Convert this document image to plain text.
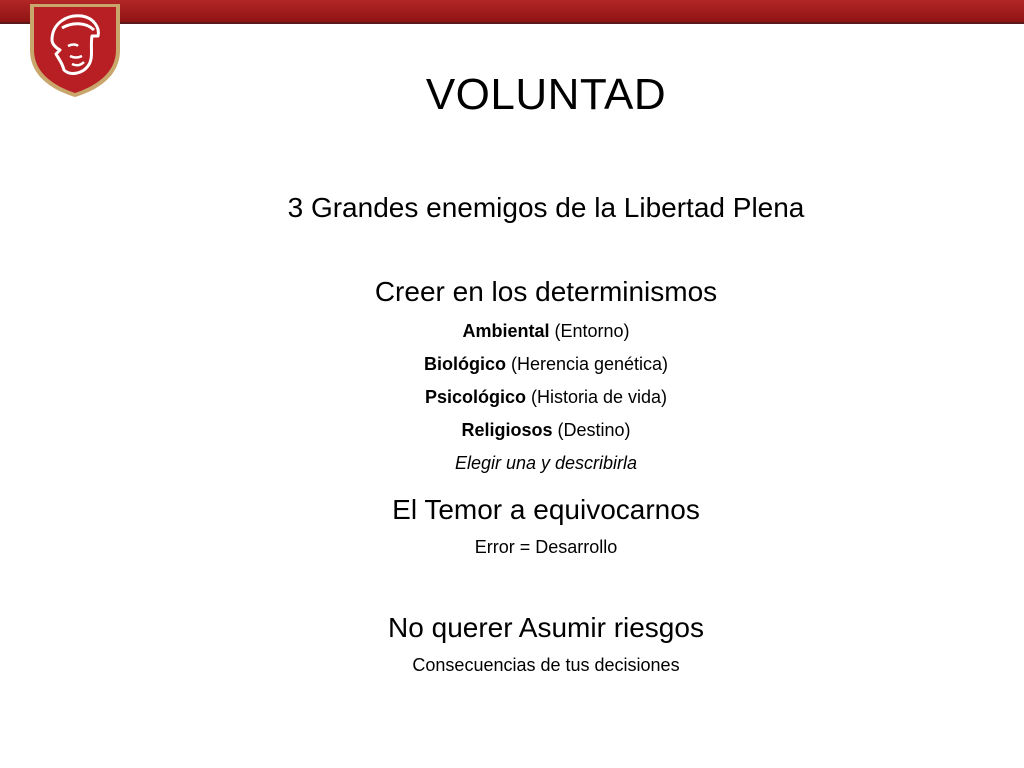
VOLUNTAD
3 Grandes enemigos de la Libertad Plena
Creer en los determinismos
Ambiental (Entorno)
Biológico (Herencia genética)
Psicológico (Historia de vida)
Religiosos (Destino)
Elegir una y describirla
El Temor a equivocarnos
Error = Desarrollo
No querer Asumir riesgos
Consecuencias de tus decisiones
